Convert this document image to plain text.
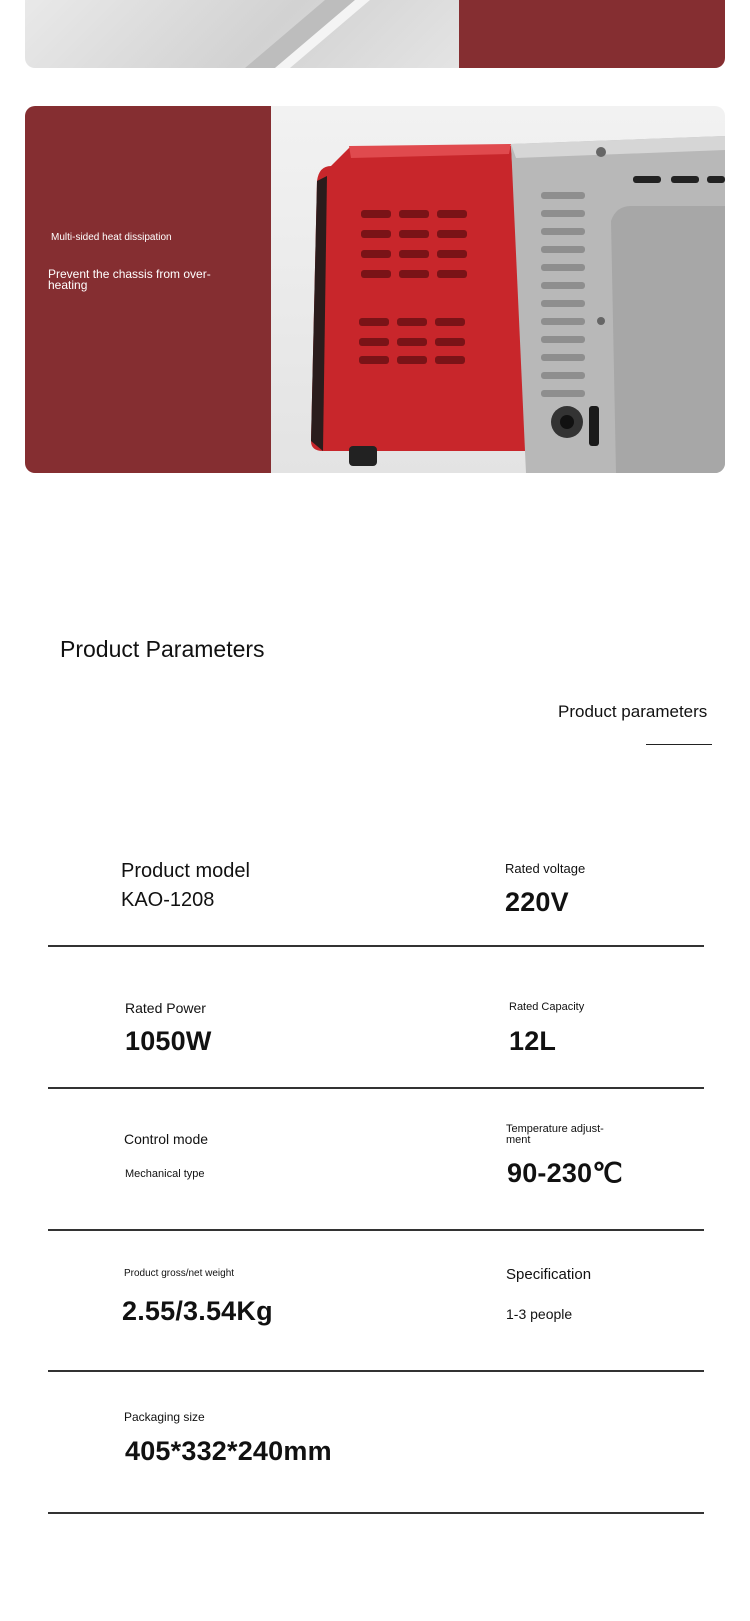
Multi-sided heat dissipation
Prevent the chassis from over-heating
Product Parameters
Product parameters
Product model
KAO-1208
Rated voltage
220V
Rated Power
1050W
Rated Capacity
12L
Control mode
Mechanical type
Temperature adjust-ment
90-230℃
Product gross/net weight
2.55/3.54Kg
Specification
1-3 people
Packaging size
405*332*240mm
